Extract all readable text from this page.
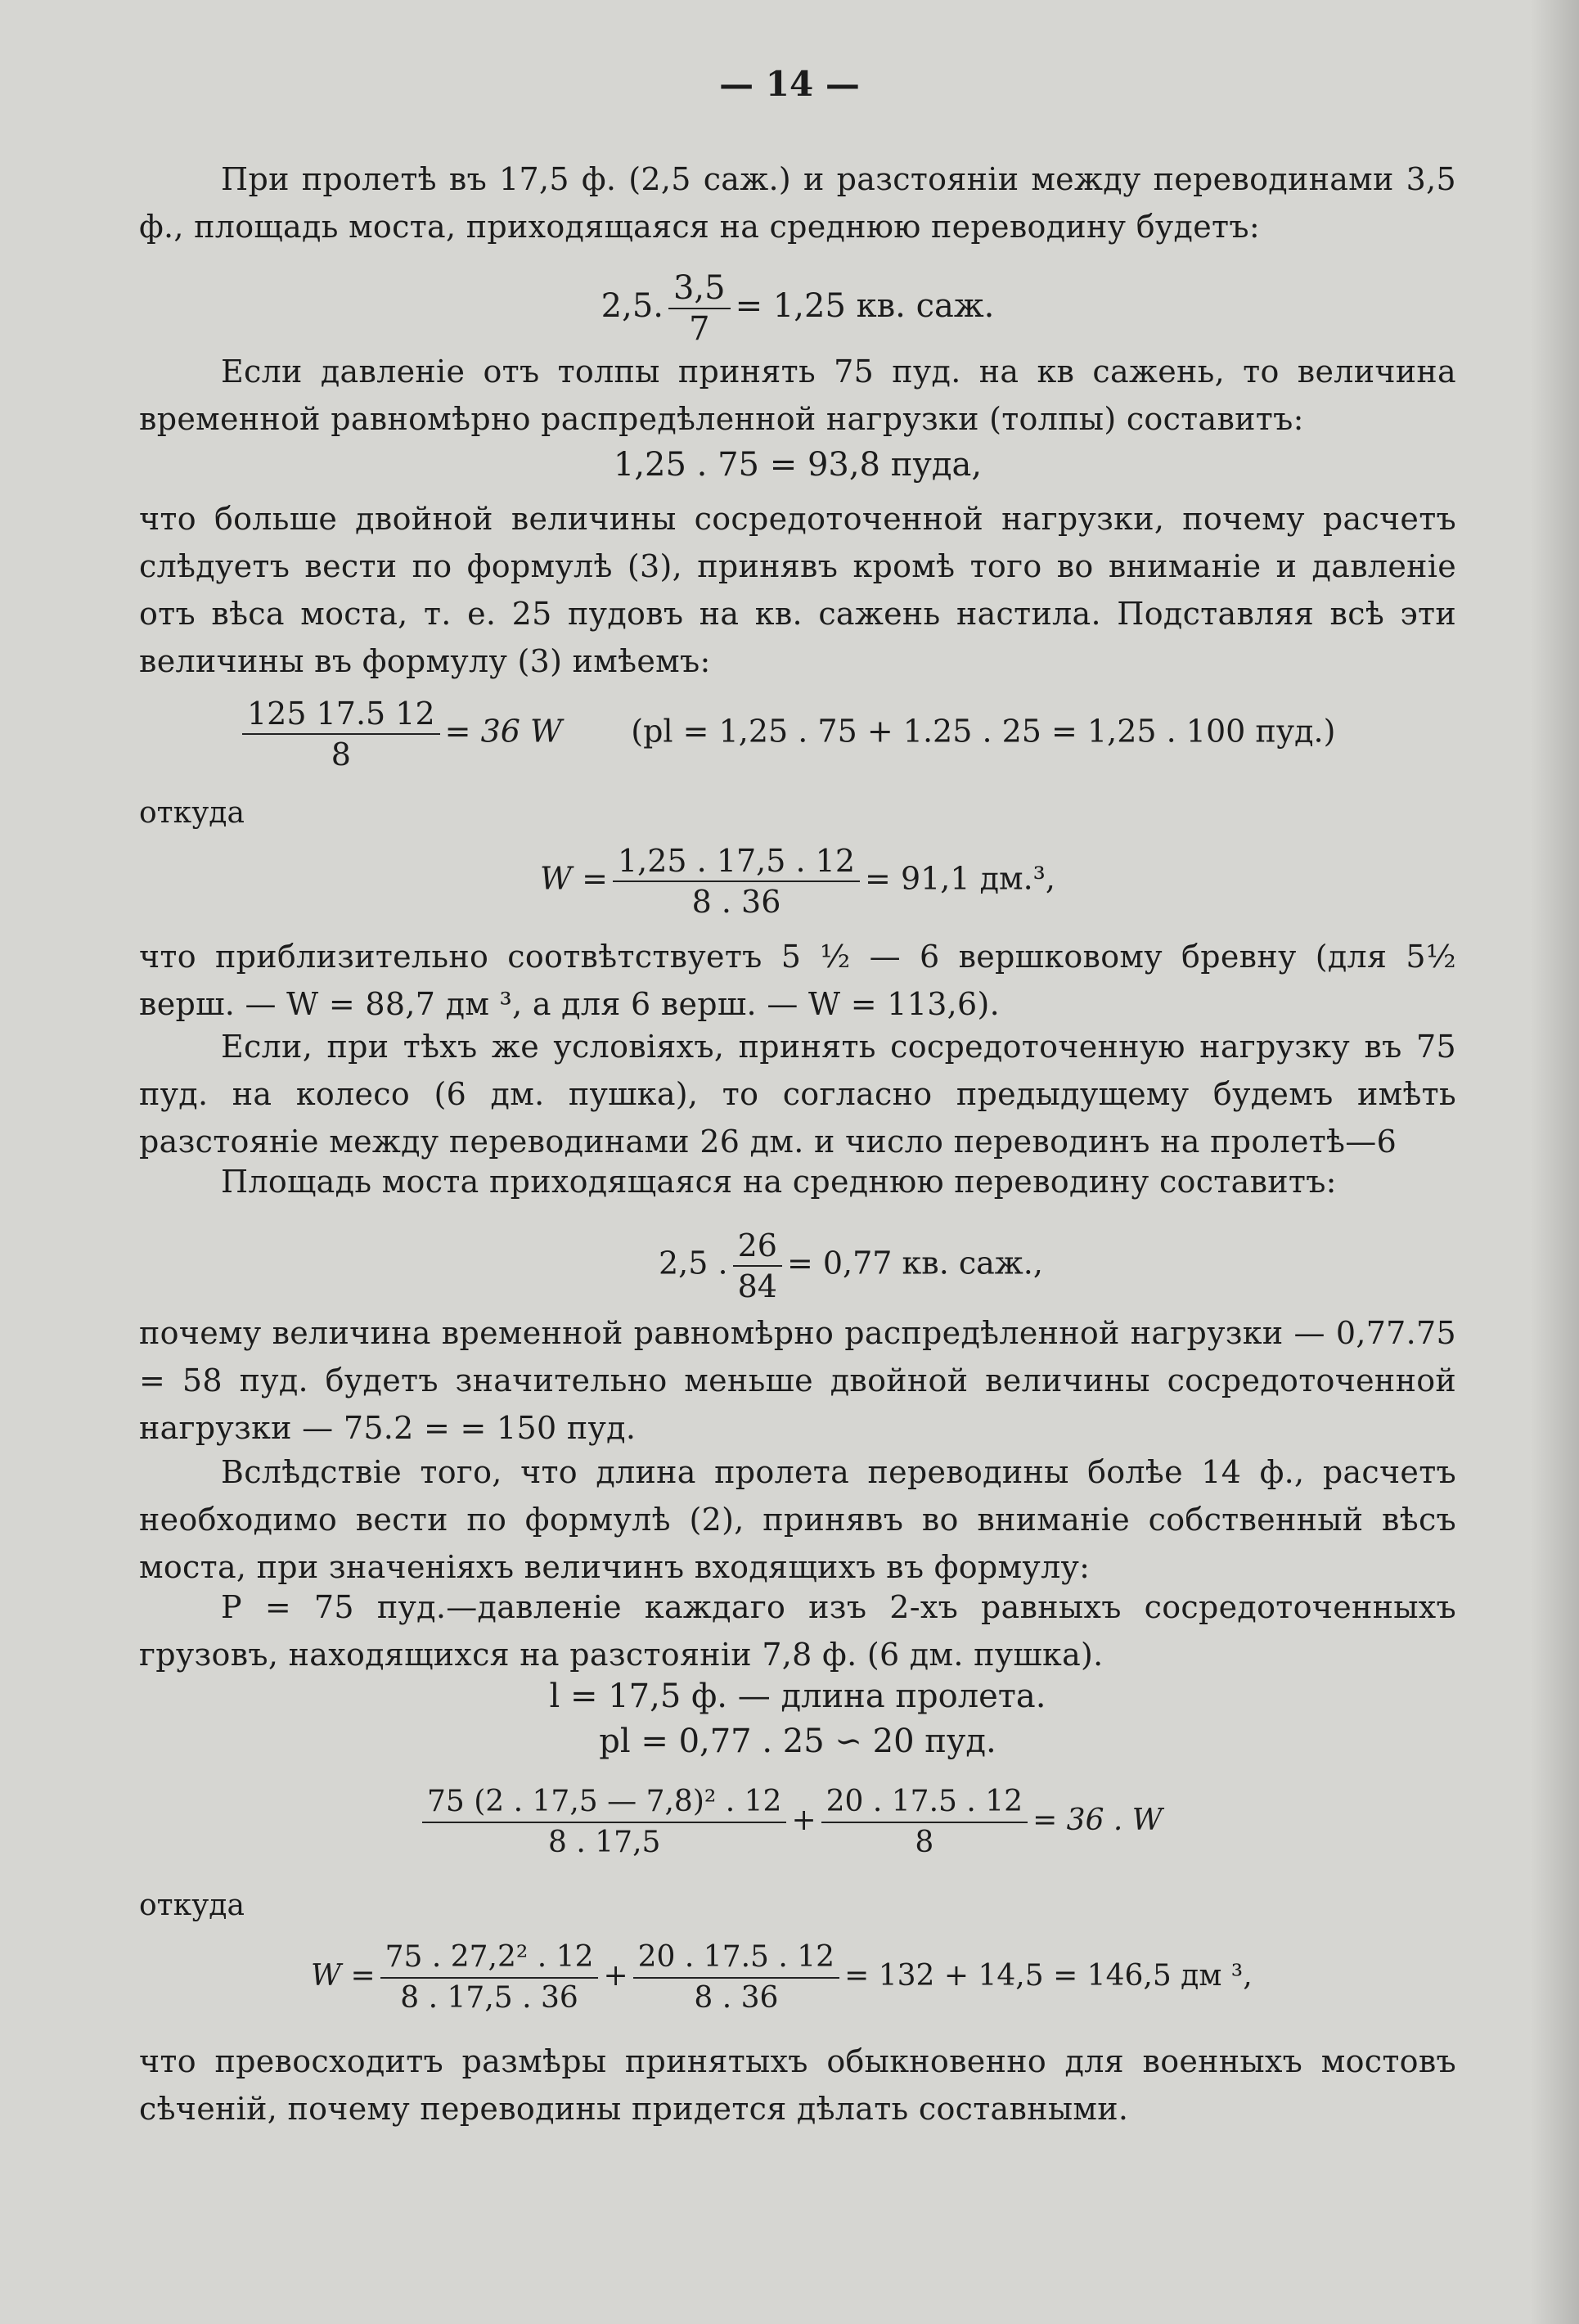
— 14 —

При пролетѣ въ 17,5 ф. (2,5 саж.) и разстояніи между переводинами 3,5 ф., площадь моста, приходящаяся на среднюю переводину будетъ:

2,5. $\frac{3,5}{7} = 1,25$ кв. саж.

Если давленіе отъ толпы принять 75 пуд. на кв сажень, то величина временной равномѣрно распредѣленной нагрузки (толпы) составитъ:

1,25 . 75 = 93,8 пуда,

что больше двойной величины сосредоточенной нагрузки, почему расчетъ слѣдуетъ вести по формулѣ (3), принявъ кромѣ того во вниманіе и давленіе отъ вѣса моста, т. е. 25 пудовъ на кв. сажень настила. Подставляя всѣ эти величины въ формулу (3) имѣемъ:

$\frac{125 17.5 12}{8} = 36$ W (pl = 1,25 . 75 + 1.25 . 25 = 1,25 . 100 пуд.)
откуда
$W = \frac{1,25 . 17,5 . 12}{8 . 36} = 91,1$ дм.³,

что приблизительно соотвѣтствуетъ 5 ½ — 6 вершковому бревну (для 5½ верш. — W = 88,7 дм ³, а для 6 верш. — W = 113,6).

Если, при тѣхъ же условіяхъ, принять сосредоточенную нагрузку въ 75 пуд. на колесо (6 дм. пушка), то согласно предыдущему будемъ имѣть разстояніе между переводинами 26 дм. и число переводинъ на пролетѣ—6

Площадь моста приходящаяся на среднюю переводину составитъ:

2,5 . $\frac{26}{84} = 0,77$ кв. саж.,

почему величина временной равномѣрно распредѣленной нагрузки — 0,77.75 = 58 пуд. будетъ значительно меньше двойной величины сосредоточенной нагрузки — 75.2 = = 150 пуд.

Вслѣдствіе того, что длина пролета переводины болѣе 14 ф., расчетъ необходимо вести по формулѣ (2), принявъ во вниманіе собственный вѣсъ моста, при значеніяхъ величинъ входящихъ въ формулу:

P = 75 пуд.—давленіе каждаго изъ 2-хъ равныхъ сосредоточенныхъ грузовъ, находящихся на разстояніи 7,8 ф. (6 дм. пушка).

l = 17,5 ф. — длина пролета.
pl = 0,77 . 25 ∽ 20 пуд.
$\frac{\text{75 (2 . 17,5 — 7,8)² . 12}}{8 . 17,5} + \frac{20 . 17.5 . 12}{8} = 36$ . W
откуда
$W = \frac{\text{75 . 27,2² . 12}}{8 . 17,5 . 36} + \frac{20 . 17.5 . 12}{8 . 36} = 132 + 14,5 = 146,5$ дм ³,

что превосходитъ размѣры принятыхъ обыкновенно для военныхъ мостовъ сѣченій, почему переводины придется дѣлать составными.
